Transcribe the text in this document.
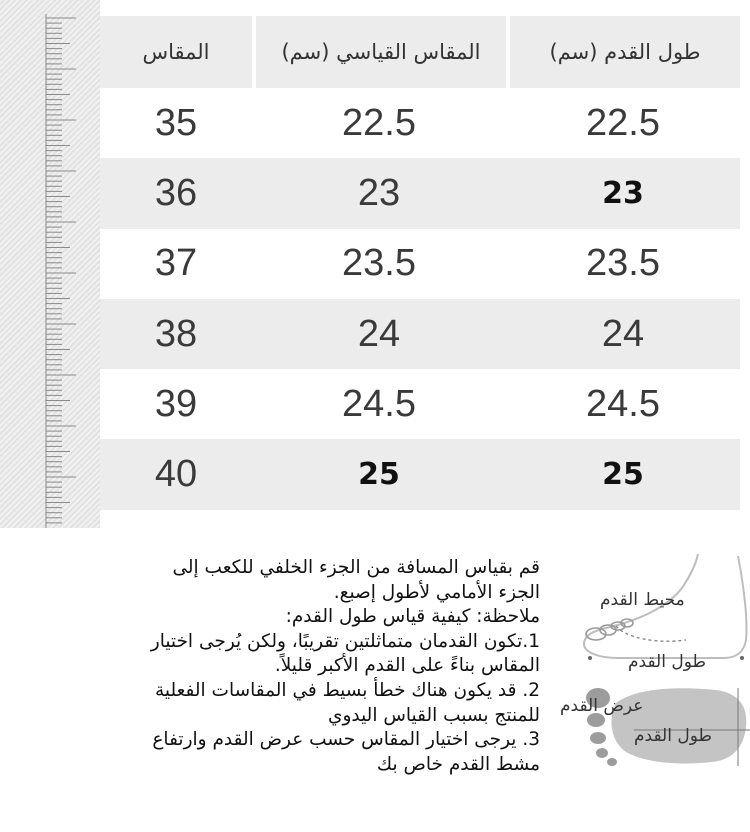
المقاس	المقاس القياسي (سم)	طول القدم (سم)
35	22.5	22.5
36	23	23
37	23.5	23.5
38	24	24
39	24.5	24.5
40	25	25

قم بقياس المسافة من الجزء الخلفي للكعب إلى

الجزء الأمامي لأطول إصبع.

ملاحظة: كيفية قياس طول القدم:

1.تكون القدمان متماثلتين تقريبًا، ولكن يُرجى اختيار

المقاس بناءً على القدم الأكبر قليلاً.

2. قد يكون هناك خطأ بسيط في المقاسات الفعلية

للمنتج بسبب القياس اليدوي

3. يرجى اختيار المقاس حسب عرض القدم وارتفاع

مشط القدم خاص بك

محيط القدم
طول القدم
عرض القدم
طول القدم
